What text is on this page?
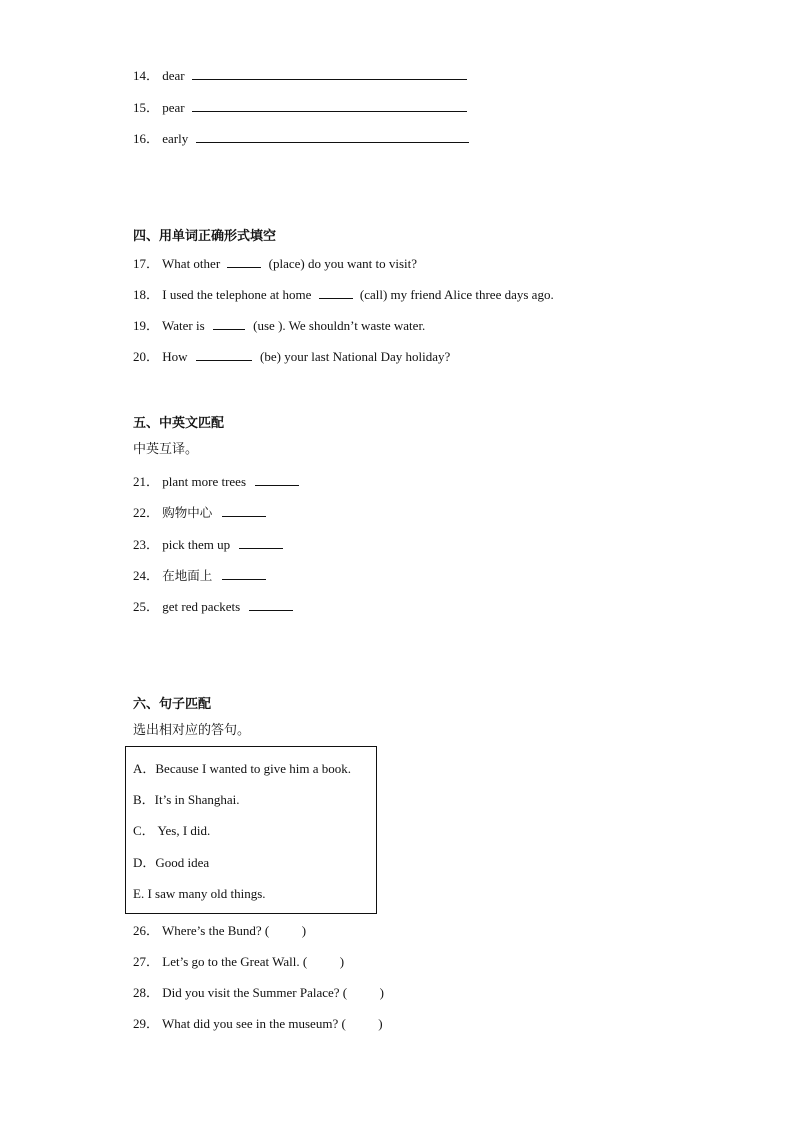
14． dear
15． pear
16． early
四、用单词正确形式填空
17． What other	(place) do you want to visit?
18． I used the telephone at home	(call) my friend Alice three days ago.
19． Water is	(use ). We shouldn’t waste water.
20． How	(be) your last National Day holiday?
五、中英文匹配
中英互译。
21． plant more trees
22． 购物中心
23． pick them up
24． 在地面上
25． get red packets
六、句子匹配
选出相对应的答句。
A．Because I wanted to give him a book.
B．It’s in Shanghai.
C． Yes, I did.
D．Good idea
E. I saw many old things.
26． Where’s the Bund? (	)
27． Let’s go to the Great Wall. (	)
28． Did you visit the Summer Palace? (	)
29． What did you see in the museum? (	)
